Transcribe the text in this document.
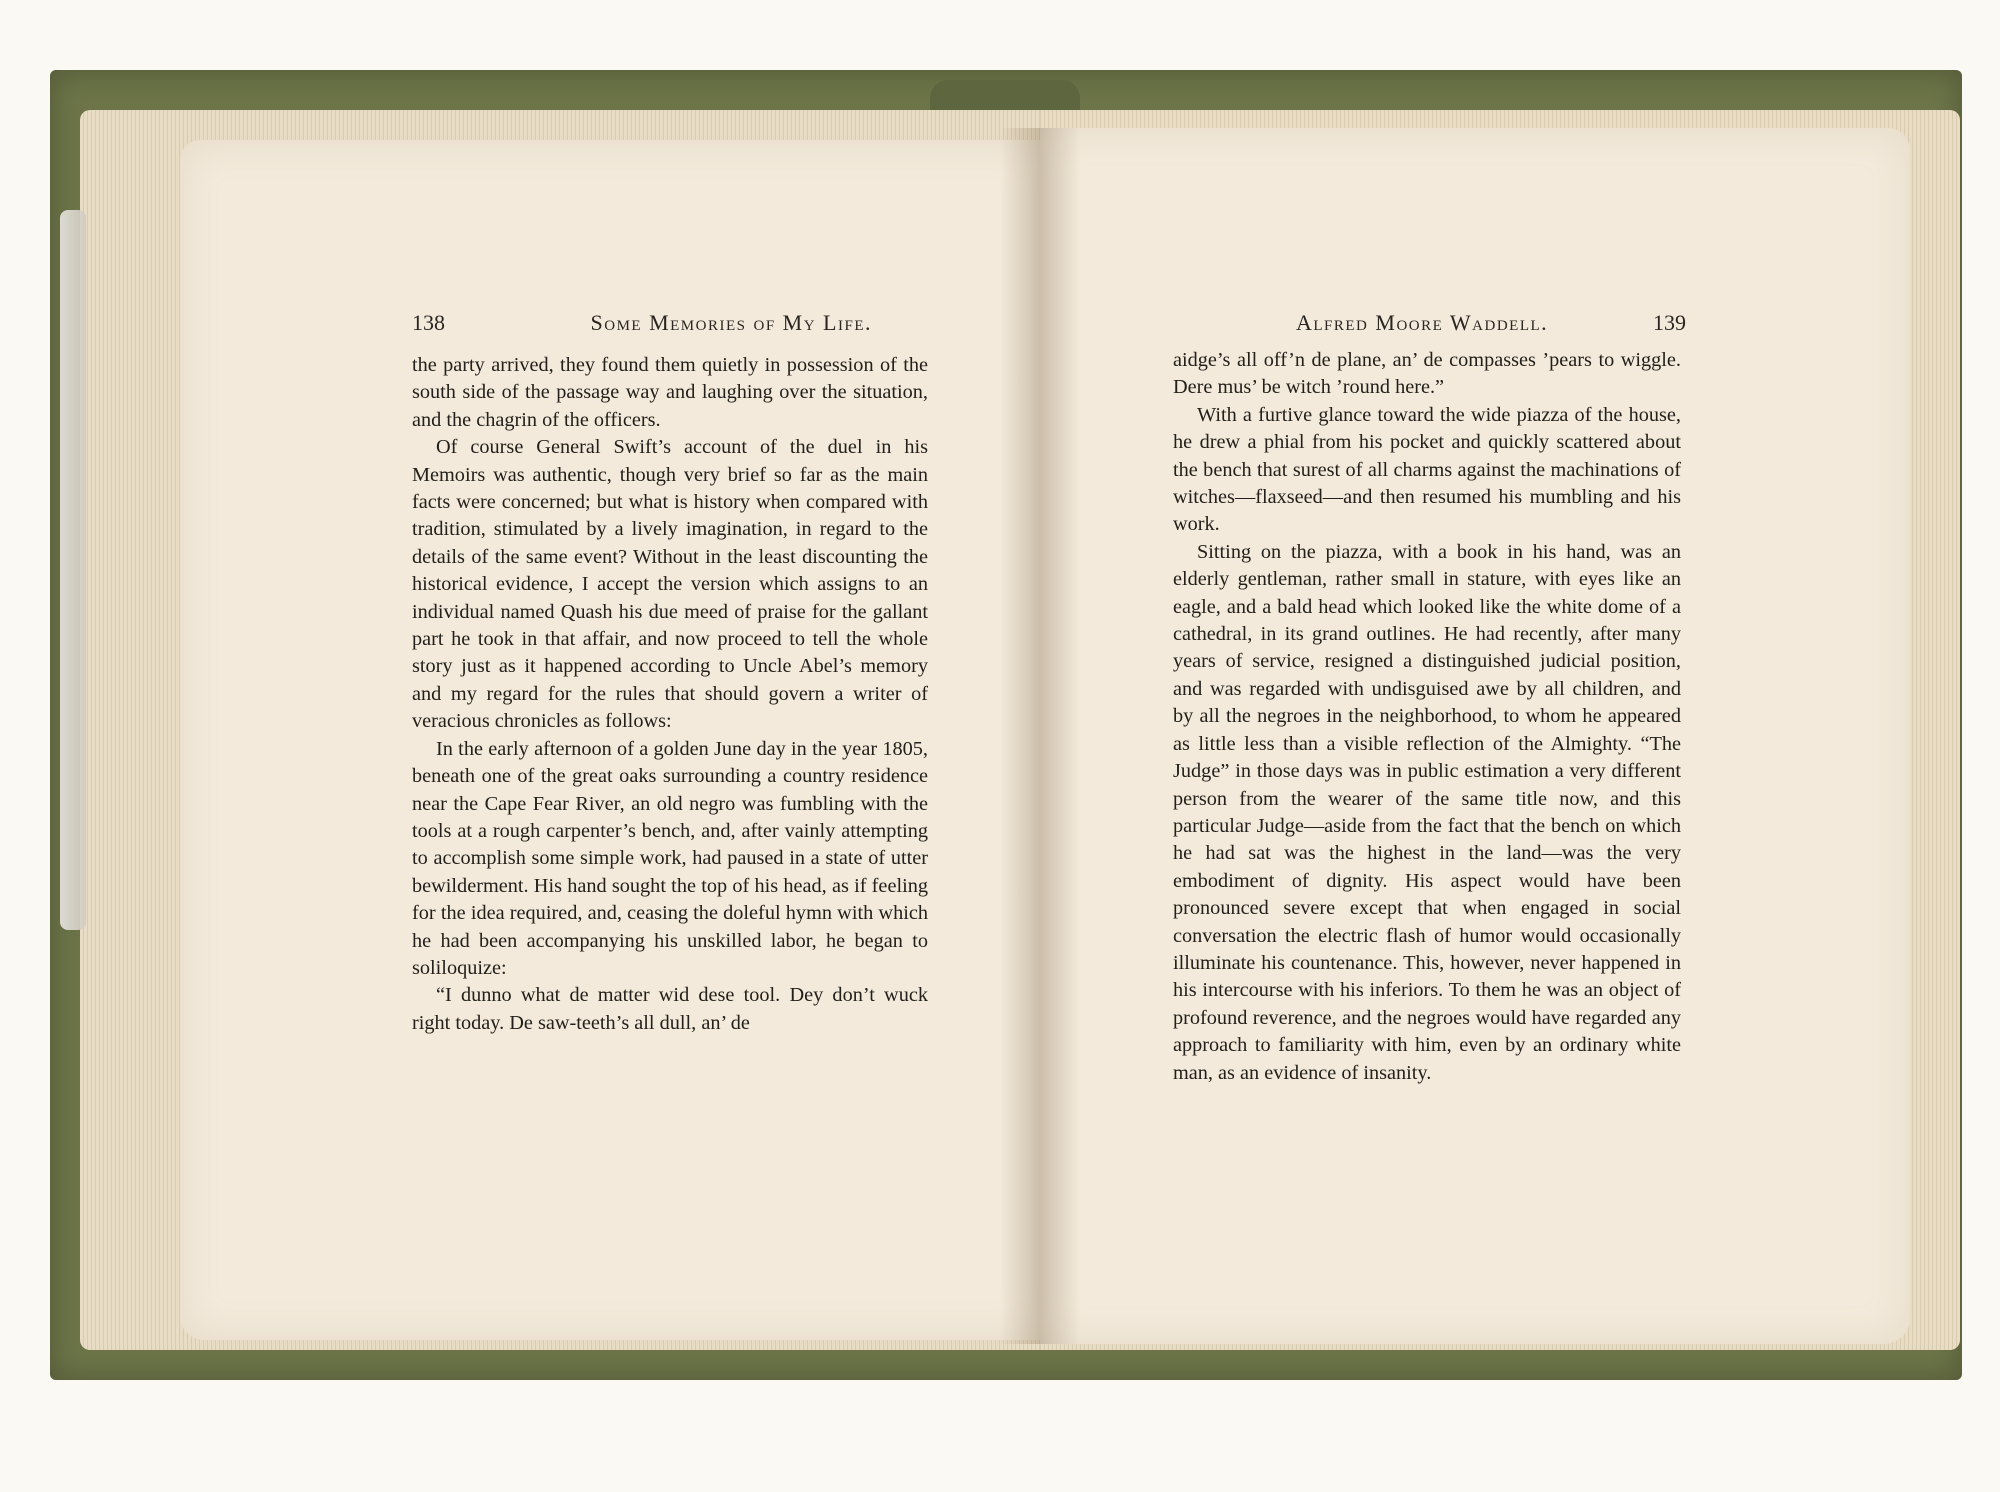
138	Some Memories of My Life.

the party arrived, they found them quietly in possession of the south side of the passage way and laughing over the situation, and the chagrin of the officers.

Of course General Swift’s account of the duel in his Memoirs was authentic, though very brief so far as the main facts were concerned; but what is history when compared with tradition, stimulated by a lively imagination, in regard to the details of the same event? Without in the least discounting the historical evidence, I accept the version which assigns to an individual named Quash his due meed of praise for the gallant part he took in that affair, and now proceed to tell the whole story just as it happened according to Uncle Abel’s memory and my regard for the rules that should govern a writer of veracious chronicles as follows:

In the early afternoon of a golden June day in the year 1805, beneath one of the great oaks surrounding a country residence near the Cape Fear River, an old negro was fumbling with the tools at a rough carpenter’s bench, and, after vainly attempting to accomplish some simple work, had paused in a state of utter bewilderment. His hand sought the top of his head, as if feeling for the idea required, and, ceasing the doleful hymn with which he had been accompanying his unskilled labor, he began to soliloquize:

“I dunno what de matter wid dese tool. Dey don’t wuck right today. De saw-teeth’s all dull, an’ de

Alfred Moore Waddell.	139

aidge’s all off’n de plane, an’ de compasses ’pears to wiggle. Dere mus’ be witch ’round here.”

With a furtive glance toward the wide piazza of the house, he drew a phial from his pocket and quickly scattered about the bench that surest of all charms against the machinations of witches—flaxseed—and then resumed his mumbling and his work.

Sitting on the piazza, with a book in his hand, was an elderly gentleman, rather small in stature, with eyes like an eagle, and a bald head which looked like the white dome of a cathedral, in its grand outlines. He had recently, after many years of service, resigned a distinguished judicial position, and was regarded with undisguised awe by all children, and by all the negroes in the neighborhood, to whom he appeared as little less than a visible reflection of the Almighty. “The Judge” in those days was in public estimation a very different person from the wearer of the same title now, and this particular Judge—aside from the fact that the bench on which he had sat was the highest in the land—was the very embodiment of dignity. His aspect would have been pronounced severe except that when engaged in social conversation the electric flash of humor would occasionally illuminate his countenance. This, however, never happened in his intercourse with his inferiors. To them he was an object of profound reverence, and the negroes would have regarded any approach to familiarity with him, even by an ordinary white man, as an evidence of insanity.
